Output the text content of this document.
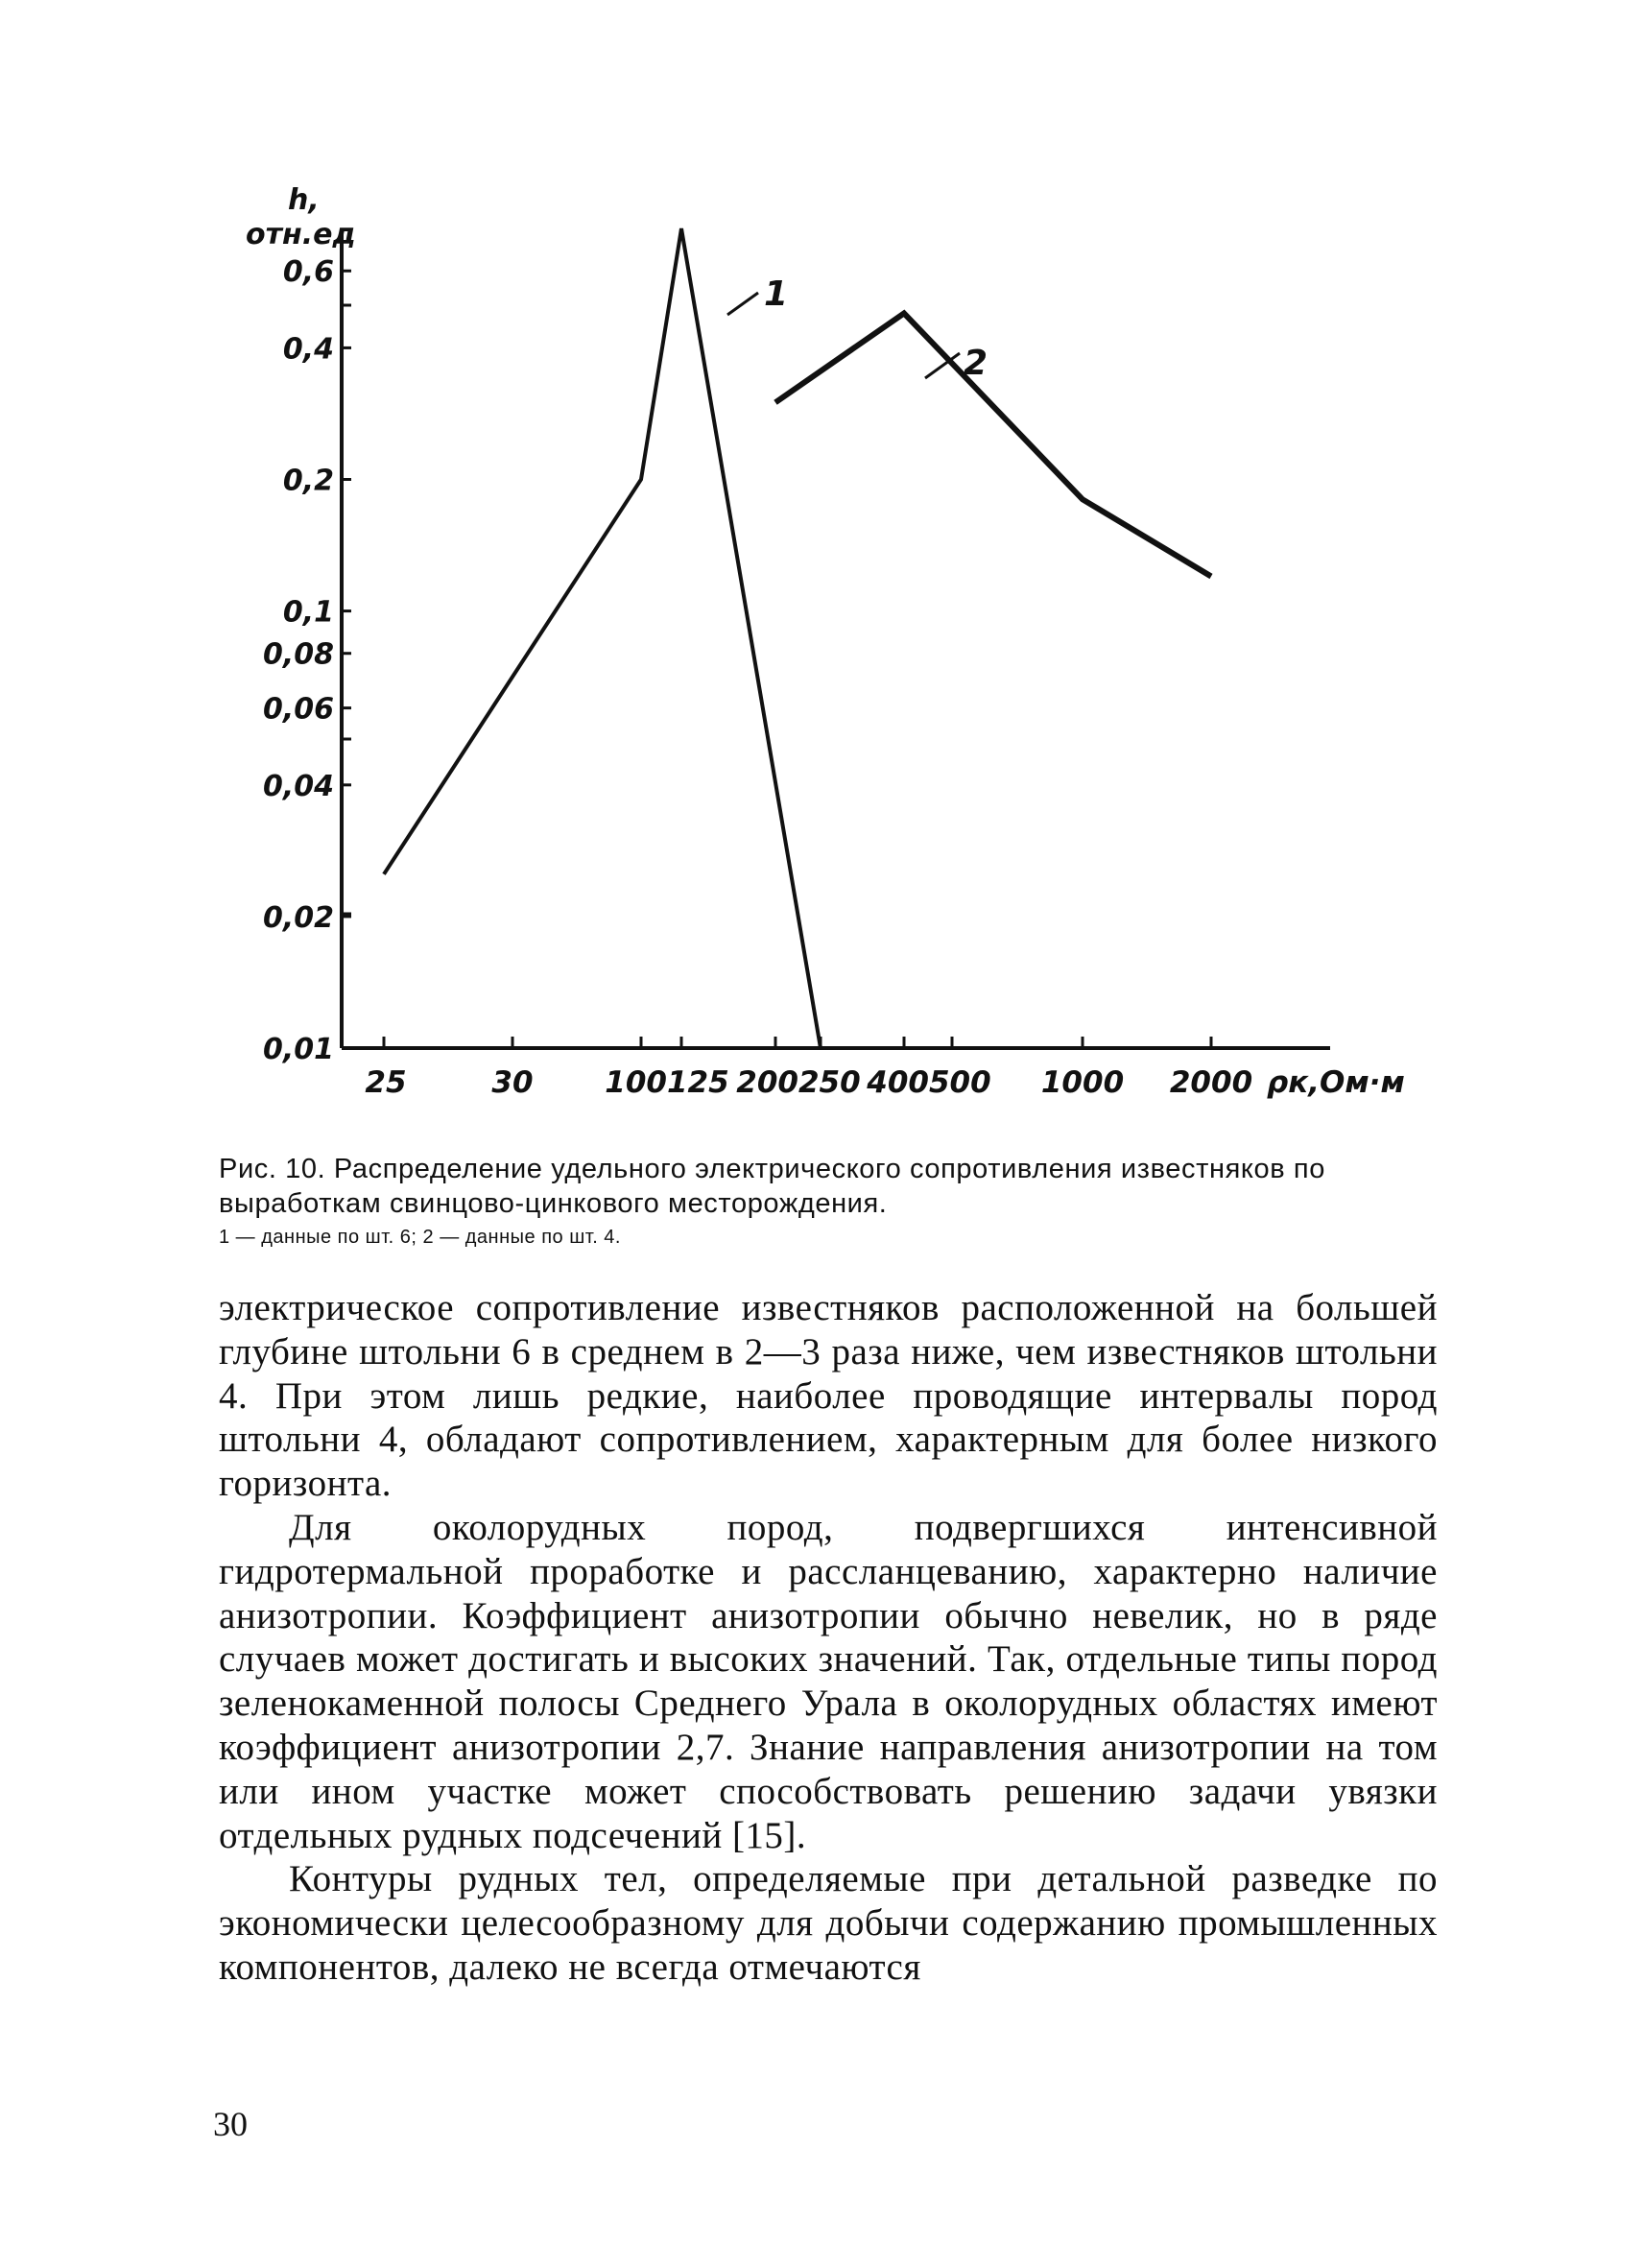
0,6
0,4
0,2
0,1
0,08
0,06
0,04
0,02
0,01
25	30 100125 200250 400500 1000 2000
h,
отн.ед
ρк,Ом·м
1
2

Рис. 10. Распределение удельного электрического сопротивления известняков по выработкам свинцово-цинкового месторождения.

1 — данные по шт. 6; 2 — данные по шт. 4.

электрическое сопротивление известняков расположенной на большей глубине штольни 6 в среднем в 2—3 раза ниже, чем известняков штольни 4. При этом лишь редкие, наиболее проводящие интервалы пород штольни 4, обладают сопротивлением, характерным для более низкого горизонта.

Для околорудных пород, подвергшихся интенсивной гидротермальной проработке и рассланцеванию, характерно наличие анизотропии. Коэффициент анизотропии обычно невелик, но в ряде случаев может достигать и высоких значений. Так, отдельные типы пород зеленокаменной полосы Среднего Урала в околорудных областях имеют коэффициент анизотропии 2,7. Знание направления анизотропии на том или ином участке может способствовать решению задачи увязки отдельных рудных подсечений [15].

Контуры рудных тел, определяемые при детальной разведке по экономически целесообразному для добычи содержанию промышленных компонентов, далеко не всегда отмечаются

30
